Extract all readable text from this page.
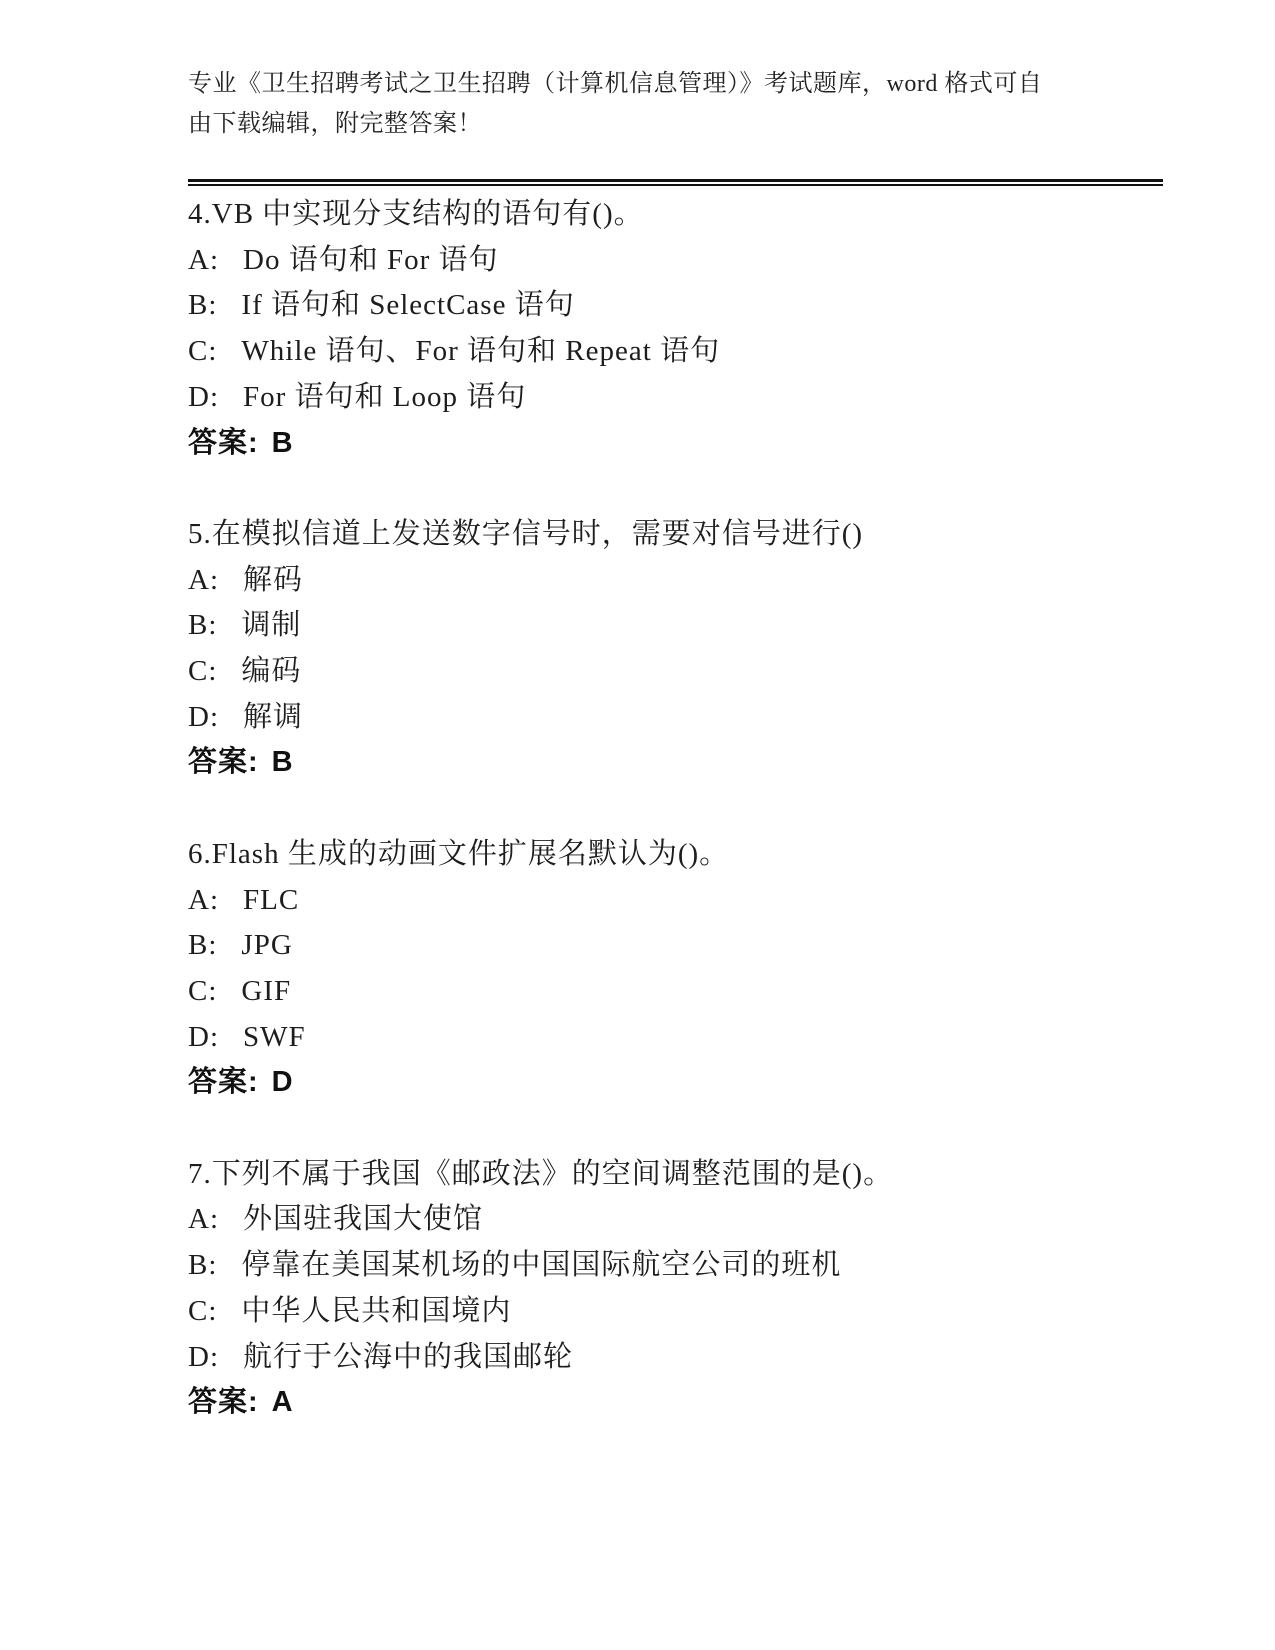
专业《卫生招聘考试之卫生招聘（计算机信息管理）》考试题库，word 格式可自
由下载编辑，附完整答案！
4.VB 中实现分支结构的语句有()。
A: Do 语句和 For 语句
B: If 语句和 SelectCase 语句
C: While 语句、For 语句和 Repeat 语句
D: For 语句和 Loop 语句
答案: B
5.在模拟信道上发送数字信号时，需要对信号进行()
A: 解码
B: 调制
C: 编码
D: 解调
答案: B
6.Flash 生成的动画文件扩展名默认为()。
A: FLC
B: JPG
C: GIF
D: SWF
答案: D
7.下列不属于我国《邮政法》的空间调整范围的是()。
A: 外国驻我国大使馆
B: 停靠在美国某机场的中国国际航空公司的班机
C: 中华人民共和国境内
D: 航行于公海中的我国邮轮
答案: A
